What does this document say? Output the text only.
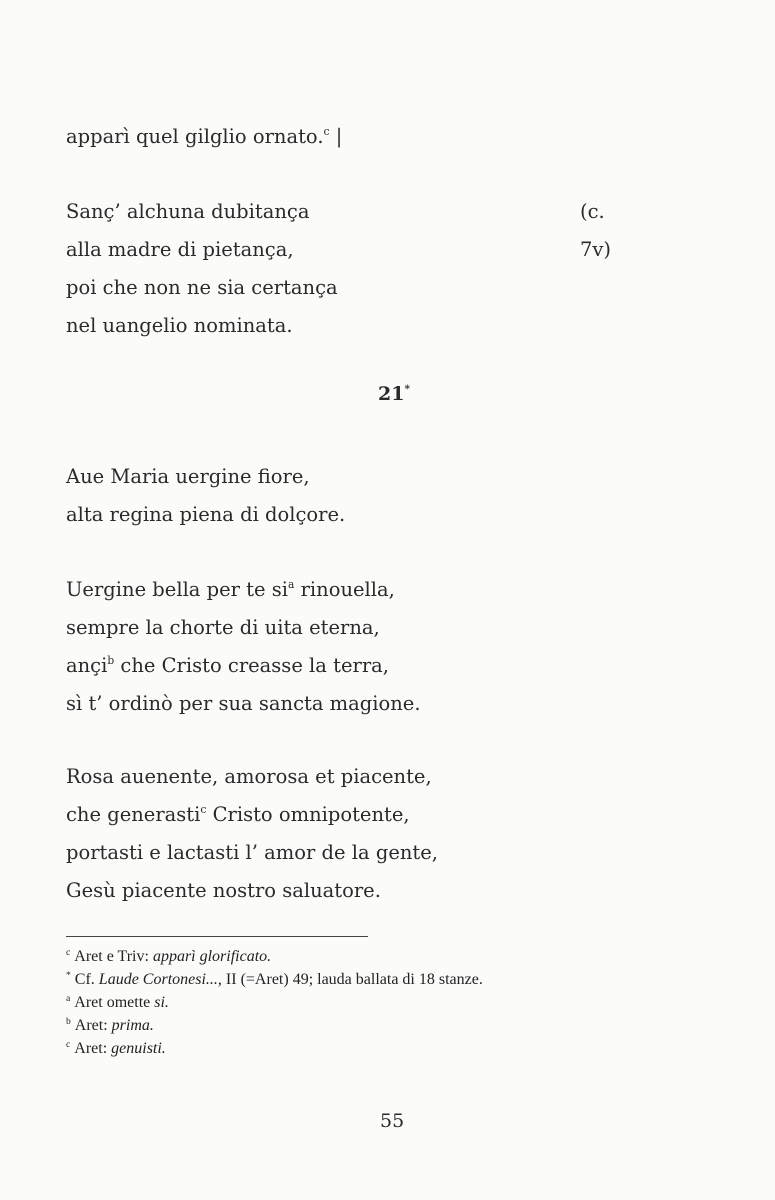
apparì quel gilglio ornato.$^c$ |
(c. 7v)
Sanç’ alchuna dubitança
alla madre di pietança,
poi che non ne sia certança
nel uangelio nominata.
21*
Aue Maria uergine fiore,
alta regina piena di dolçore.
Uergine bella per te $si^a$ rinouella,
sempre la chorte di uita eterna,
ançi$^b$ che Cristo creasse la terra,
sì t’ ordinò per sua sancta magione.
Rosa auenente, amorosa et piacente,
che generasti$^c$ Cristo omnipotente,
portasti e lactasti l’ amor de la gente,
Gesù piacente nostro saluatore.
$^c$ Aret e Triv: apparì glorificato.
* Cf. Laude Cortonesi..., II (=Aret) 49; lauda ballata di 18 stanze.
$^a$ Aret omette si.
$^b$ Aret: prima.
$^c$ Aret: genuisti.
55
